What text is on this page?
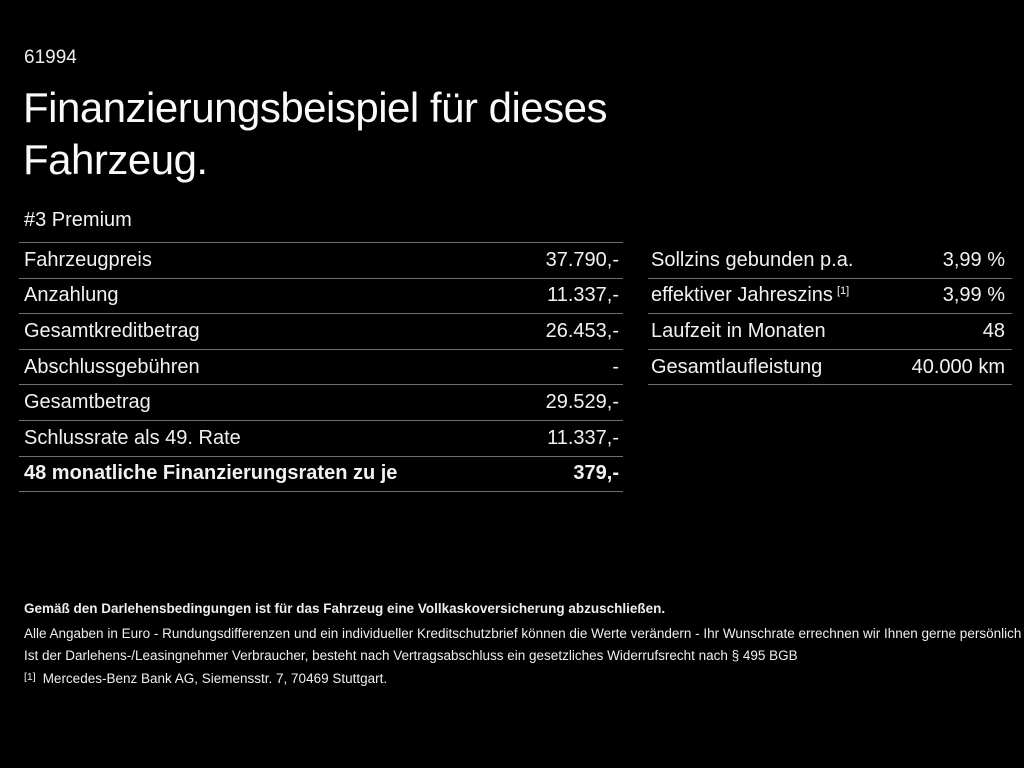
61994
Finanzierungsbeispiel für dieses
Fahrzeug.
#3 Premium
Fahrzeugpreis	37.790,-
Anzahlung	11.337,-
Gesamtkreditbetrag	26.453,-
Abschlussgebühren	-
Gesamtbetrag	29.529,-
Schlussrate als 49. Rate	11.337,-
48 monatliche Finanzierungsraten zu je	379,-
Sollzins gebunden p.a.	3,99 %
effektiver Jahreszins [1]	3,99 %
Laufzeit in Monaten	48
Gesamtlaufleistung	40.000 km
Gemäß den Darlehensbedingungen ist für das Fahrzeug eine Vollkaskoversicherung abzuschließen.
Alle Angaben in Euro - Rundungsdifferenzen und ein individueller Kreditschutzbrief können die Werte verändern - Ihr Wunschrate errechnen wir Ihnen gerne persönlich
Ist der Darlehens-/Leasingnehmer Verbraucher, besteht nach Vertragsabschluss ein gesetzliches Widerrufsrecht nach § 495 BGB
[1] Mercedes-Benz Bank AG, Siemensstr. 7, 70469 Stuttgart.
